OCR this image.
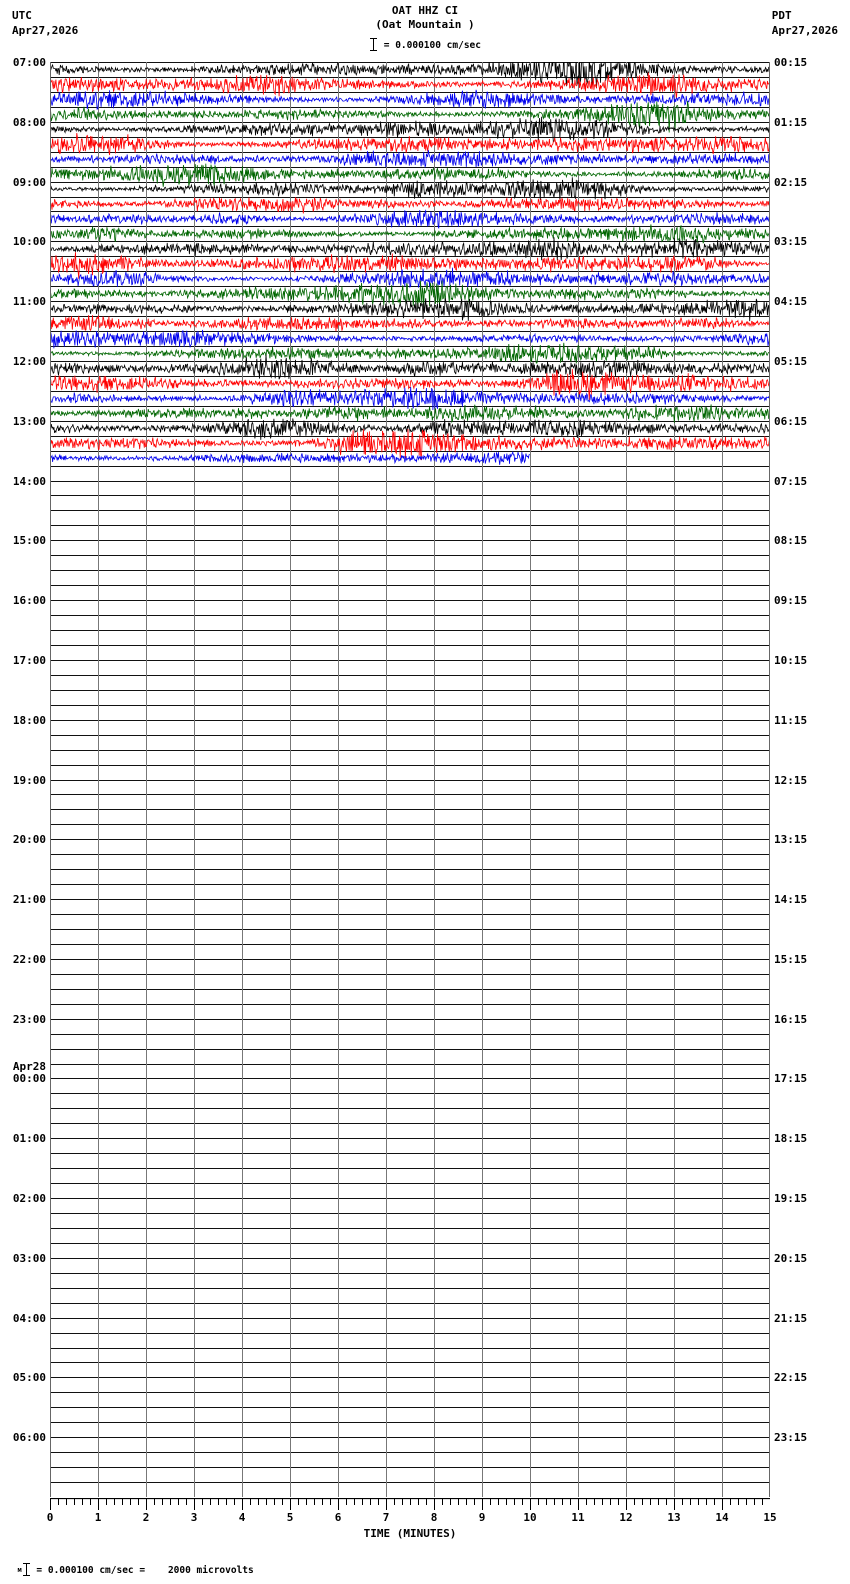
UTC
Apr27,2026
PDT
Apr27,2026
OAT HHZ CI
(Oat Mountain )
= 0.000100 cm/sec
07:00
08:00
09:00
10:00
11:00
12:00
13:00
14:00
15:00
16:00
17:00
18:00
19:00
20:00
21:00
22:00
23:00
00:00
01:00
02:00
03:00
04:00
05:00
06:00
Apr28
00:15
01:15
02:15
03:15
04:15
05:15
06:15
07:15
08:15
09:15
10:15
11:15
12:15
13:15
14:15
15:15
16:15
17:15
18:15
19:15
20:15
21:15
22:15
23:15
0	1	2	3	4	5	6	7	8	9	10	11	12	13	14	15
TIME (MINUTES)

м = 0.000100 cm/sec =    2000 microvolts
